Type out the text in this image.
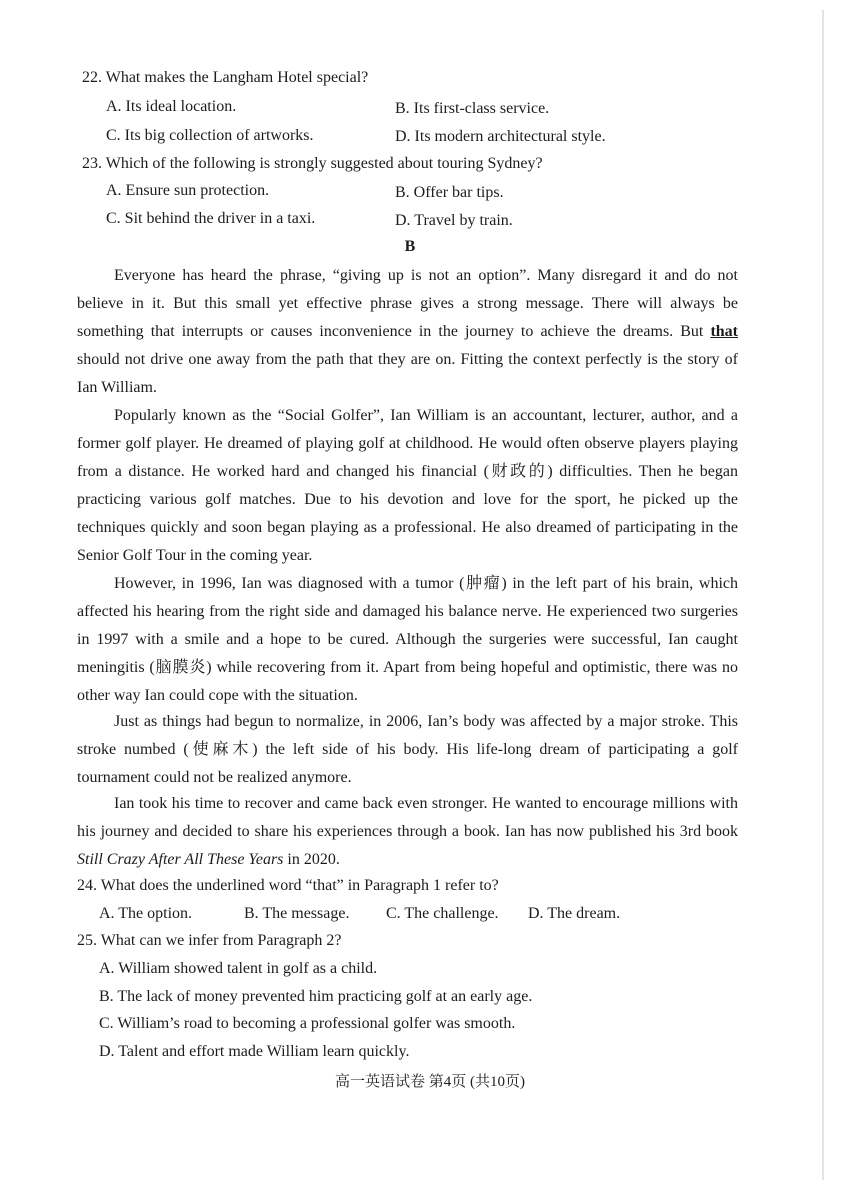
22. What makes the Langham Hotel special?
A. Its ideal location.	B. Its first-class service.
C. Its big collection of artworks.	D. Its modern architectural style.
23. Which of the following is strongly suggested about touring Sydney?
A. Ensure sun protection.	B. Offer bar tips.
C. Sit behind the driver in a taxi.	D. Travel by train.
B

Everyone has heard the phrase, “giving up is not an option”. Many disregard it and do not believe in it. But this small yet effective phrase gives a strong message. There will always be something that interrupts or causes inconvenience in the journey to achieve the dreams. But that should not drive one away from the path that they are on. Fitting the context perfectly is the story of Ian William.

Popularly known as the “Social Golfer”, Ian William is an accountant, lecturer, author, and a former golf player. He dreamed of playing golf at childhood. He would often observe players playing from a distance. He worked hard and changed his financial (财政的) difficulties. Then he began practicing various golf matches. Due to his devotion and love for the sport, he picked up the techniques quickly and soon began playing as a professional. He also dreamed of participating in the Senior Golf Tour in the coming year.

However, in 1996, Ian was diagnosed with a tumor (肿瘤) in the left part of his brain, which affected his hearing from the right side and damaged his balance nerve. He experienced two surgeries in 1997 with a smile and a hope to be cured. Although the surgeries were successful, Ian caught meningitis (脑膜炎) while recovering from it. Apart from being hopeful and optimistic, there was no other way Ian could cope with the situation.

Just as things had begun to normalize, in 2006, Ian’s body was affected by a major stroke. This stroke numbed (使麻木) the left side of his body. His life-long dream of participating a golf tournament could not be realized anymore.

Ian took his time to recover and came back even stronger. He wanted to encourage millions with his journey and decided to share his experiences through a book. Ian has now published his 3rd book Still Crazy After All These Years in 2020.

24. What does the underlined word “that” in Paragraph 1 refer to?
A. The option.	B. The message. C. The challenge. D. The dream.
25. What can we infer from Paragraph 2?
A. William showed talent in golf as a child.
B. The lack of money prevented him practicing golf at an early age.
C. William’s road to becoming a professional golfer was smooth.
D. Talent and effort made William learn quickly.
高一英语试卷 第4页 (共10页)
